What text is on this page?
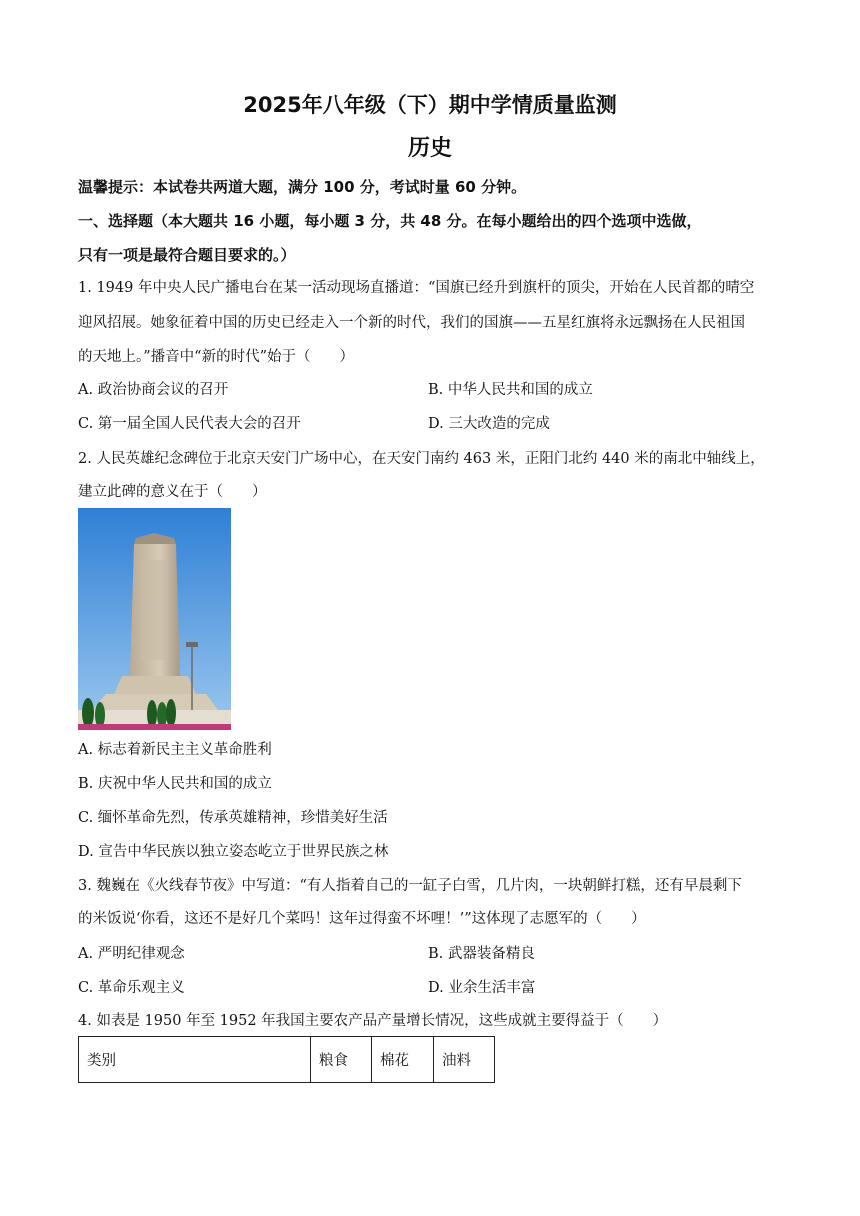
2025年八年级（下）期中学情质量监测
历史
温馨提示：本试卷共两道大题，满分 100 分，考试时量 60 分钟。
一、选择题（本大题共 16 小题，每小题 3 分，共 48 分。在每小题给出的四个选项中选做，
只有一项是最符合题目要求的。）
1. 1949 年中央人民广播电台在某一活动现场直播道：“国旗已经升到旗杆的顶尖，开始在人民首都的晴空
迎风招展。她象征着中国的历史已经走入一个新的时代，我们的国旗——五星红旗将永远飘扬在人民祖国
的天地上。”播音中“新的时代”始于（　　）
A. 政治协商会议的召开	B. 中华人民共和国的成立
C. 第一届全国人民代表大会的召开	D. 三大改造的完成
2. 人民英雄纪念碑位于北京天安门广场中心，在天安门南约 463 米，正阳门北约 440 米的南北中轴线上，
建立此碑的意义在于（　　）
A. 标志着新民主主义革命胜利
B. 庆祝中华人民共和国的成立
C. 缅怀革命先烈，传承英雄精神，珍惜美好生活
D. 宣告中华民族以独立姿态屹立于世界民族之林
3. 魏巍在《火线春节夜》中写道：“有人指着自己的一缸子白雪，几片肉，一块朝鲜打糕，还有早晨剩下
的米饭说‘你看，这还不是好几个菜吗！这年过得蛮不坏哩！’”这体现了志愿军的（　　）
A. 严明纪律观念	B. 武器装备精良
C. 革命乐观主义	D. 业余生活丰富
4. 如表是 1950 年至 1952 年我国主要农产品产量增长情况，这些成就主要得益于（　　）
类别	粮食	棉花	油料
